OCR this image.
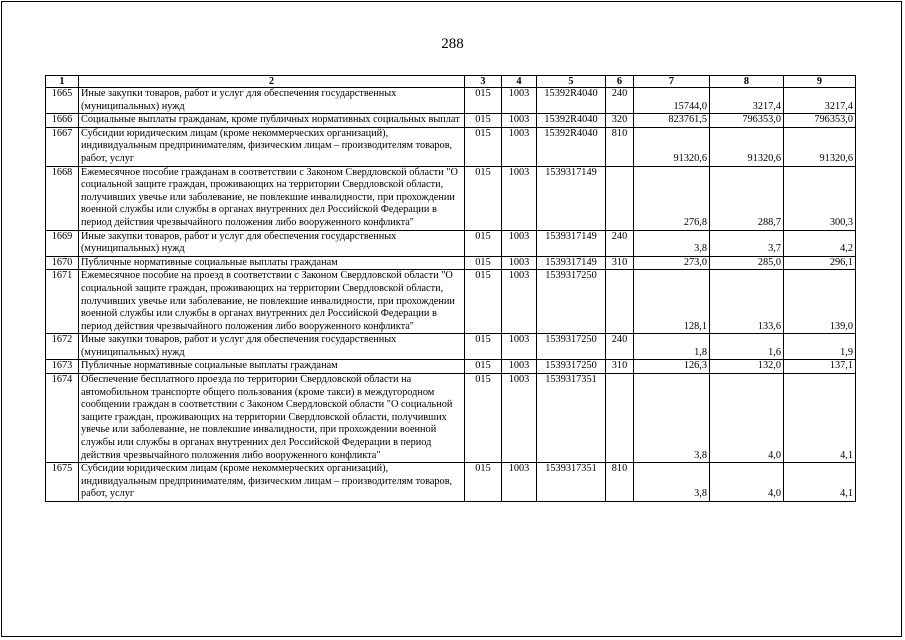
288
1	2	3	4	5	6	7	8	9
1665	Иные закупки товаров, работ и услуг для обеспечения государственных (муниципальных) нужд	015	1003	15392R4040	240	15744,0	3217,4	3217,4
1666	Социальные выплаты гражданам, кроме публичных нормативных социальных выплат	015	1003	15392R4040	320	823761,5	796353,0	796353,0
1667	Субсидии юридическим лицам (кроме некоммерческих организаций), индивидуальным предпринимателям, физическим лицам – производителям товаров, работ, услуг	015	1003	15392R4040	810	91320,6	91320,6	91320,6
1668	Ежемесячное пособие гражданам в соответствии с Законом Свердловской области "О социальной защите граждан, проживающих на территории Свердловской области, получивших увечье или заболевание, не повлекшие инвалидности, при прохождении военной службы или службы в органах внутренних дел Российской Федерации в период действия чрезвычайного положения либо вооруженного конфликта"	015	1003	1539317149		276,8	288,7	300,3
1669	Иные закупки товаров, работ и услуг для обеспечения государственных (муниципальных) нужд	015	1003	1539317149	240	3,8	3,7	4,2
1670	Публичные нормативные социальные выплаты гражданам	015	1003	1539317149	310	273,0	285,0	296,1
1671	Ежемесячное пособие на проезд в соответствии с Законом Свердловской области "О социальной защите граждан, проживающих на территории Свердловской области, получивших увечье или заболевание, не повлекшие инвалидности, при прохождении военной службы или службы в органах внутренних дел Российской Федерации в период действия чрезвычайного положения либо вооруженного конфликта"	015	1003	1539317250		128,1	133,6	139,0
1672	Иные закупки товаров, работ и услуг для обеспечения государственных (муниципальных) нужд	015	1003	1539317250	240	1,8	1,6	1,9
1673	Публичные нормативные социальные выплаты гражданам	015	1003	1539317250	310	126,3	132,0	137,1
1674	Обеспечение бесплатного проезда по территории Свердловской области на автомобильном транспорте общего пользования (кроме такси) в междугородном сообщении граждан в соответствии с Законом Свердловской области "О социальной защите граждан, проживающих на территории Свердловской области, получивших увечье или заболевание, не повлекшие инвалидности, при прохождении военной службы или службы в органах внутренних дел Российской Федерации в период действия чрезвычайного положения либо вооруженного конфликта"	015	1003	1539317351		3,8	4,0	4,1
1675	Субсидии юридическим лицам (кроме некоммерческих организаций), индивидуальным предпринимателям, физическим лицам – производителям товаров, работ, услуг	015	1003	1539317351	810	3,8	4,0	4,1
